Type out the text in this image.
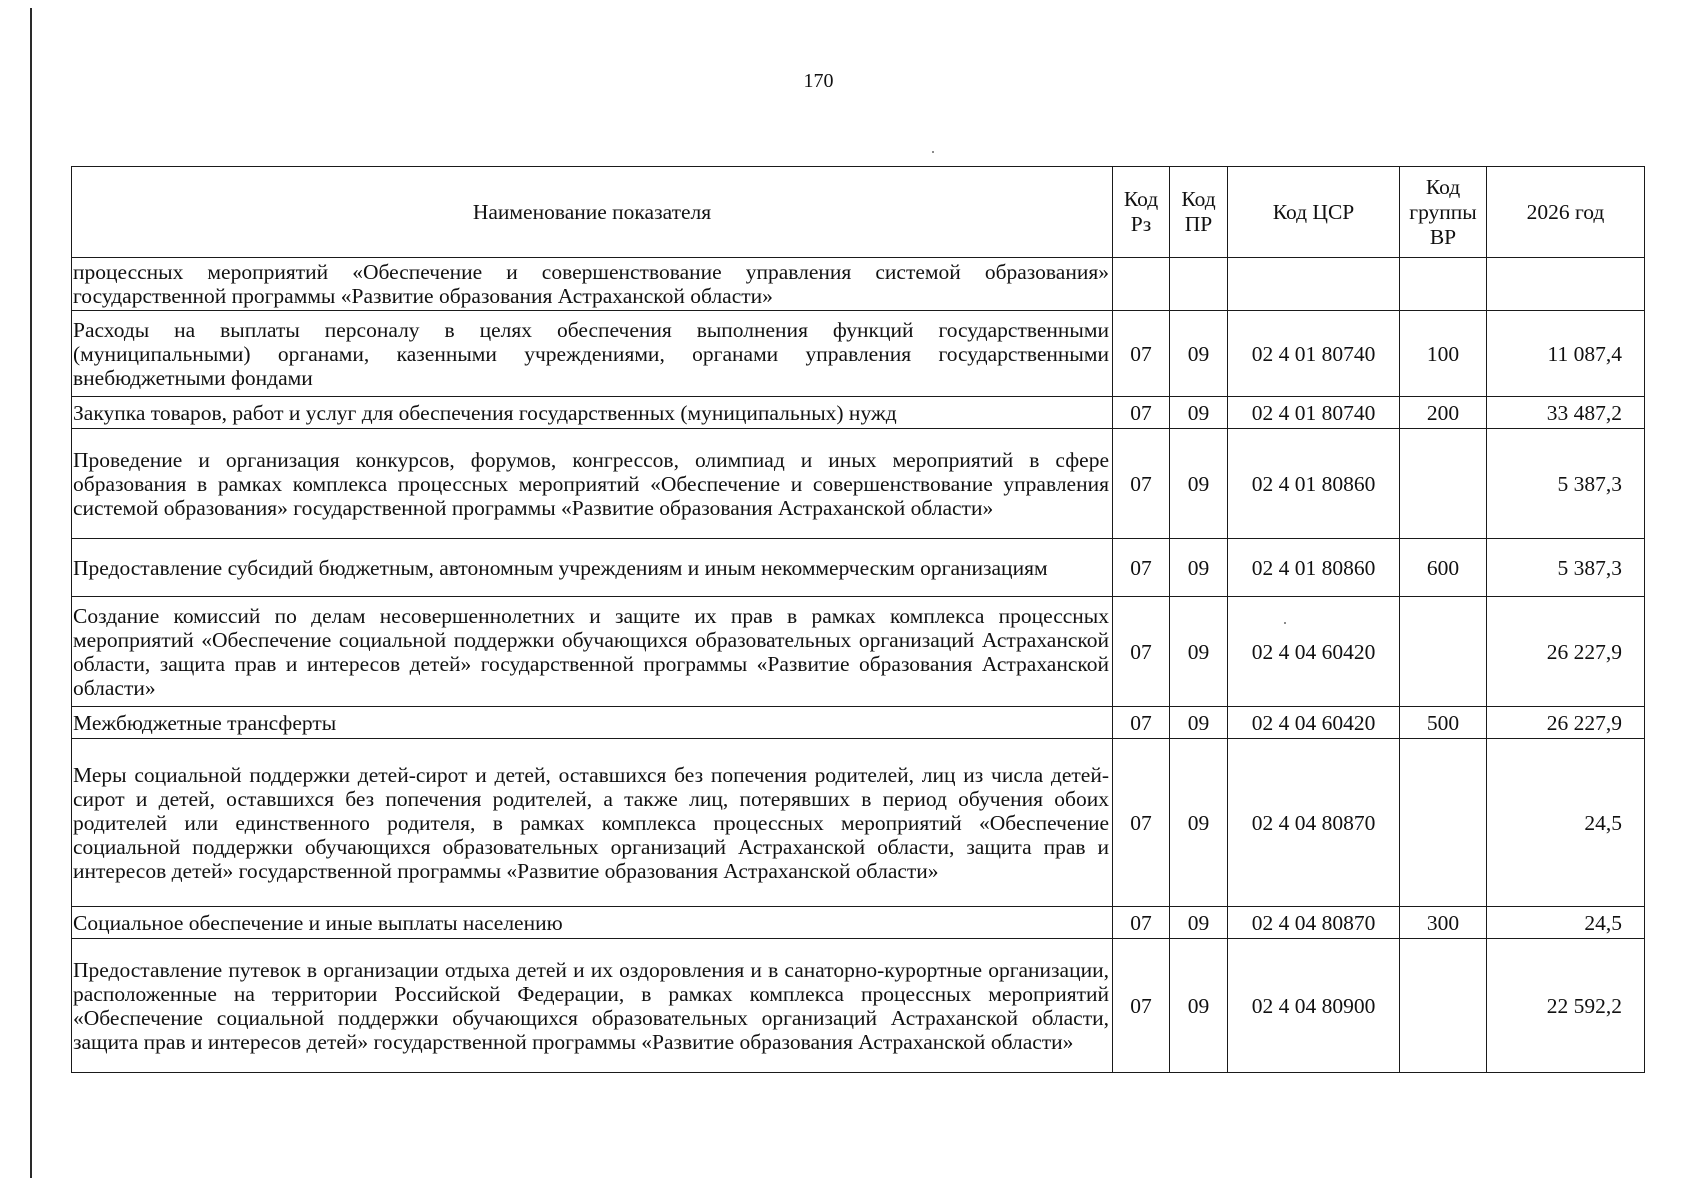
170
Наименование показателя	Код Рз	Код ПР	Код ЦСР	Код группы ВР	2026 год
процессных мероприятий «Обеспечение и совершенствование управления системой образования» государственной программы «Развитие образования Астраханской области»					
Расходы на выплаты персоналу в целях обеспечения выполнения функций государственными (муниципальными) органами, казенными учреждениями, органами управления государственными внебюджетными фондами	07	09	02 4 01 80740	100	11 087,4
Закупка товаров, работ и услуг для обеспечения государственных (муниципальных) нужд	07	09	02 4 01 80740	200	33 487,2
Проведение и организация конкурсов, форумов, конгрессов, олимпиад и иных мероприятий в сфере образования в рамках комплекса процессных мероприятий «Обеспечение и совершенствование управления системой образования» государственной программы «Развитие образования Астраханской области»	07	09	02 4 01 80860		5 387,3
Предоставление субсидий бюджетным, автономным учреждениям и иным некоммерческим организациям	07	09	02 4 01 80860	600	5 387,3
Создание комиссий по делам несовершеннолетних и защите их прав в рамках комплекса процессных мероприятий «Обеспечение социальной поддержки обучающихся образовательных организаций Астраханской области, защита прав и интересов детей» государственной программы «Развитие образования Астраханской области»	07	09	02 4 04 60420		26 227,9
Межбюджетные трансферты	07	09	02 4 04 60420	500	26 227,9
Меры социальной поддержки детей-сирот и детей, оставшихся без попечения родителей, лиц из числа детей-сирот и детей, оставшихся без попечения родителей, а также лиц, потерявших в период обучения обоих родителей или единственного родителя, в рамках комплекса процессных мероприятий «Обеспечение социальной поддержки обучающихся образовательных организаций Астраханской области, защита прав и интересов детей» государственной программы «Развитие образования Астраханской области»	07	09	02 4 04 80870		24,5
Социальное обеспечение и иные выплаты населению	07	09	02 4 04 80870	300	24,5
Предоставление путевок в организации отдыха детей и их оздоровления и в санаторно-курортные организации, расположенные на территории Российской Федерации, в рамках комплекса процессных мероприятий «Обеспечение социальной поддержки обучающихся образовательных организаций Астраханской области, защита прав и интересов детей» государственной программы «Развитие образования Астраханской области»	07	09	02 4 04 80900		22 592,2
